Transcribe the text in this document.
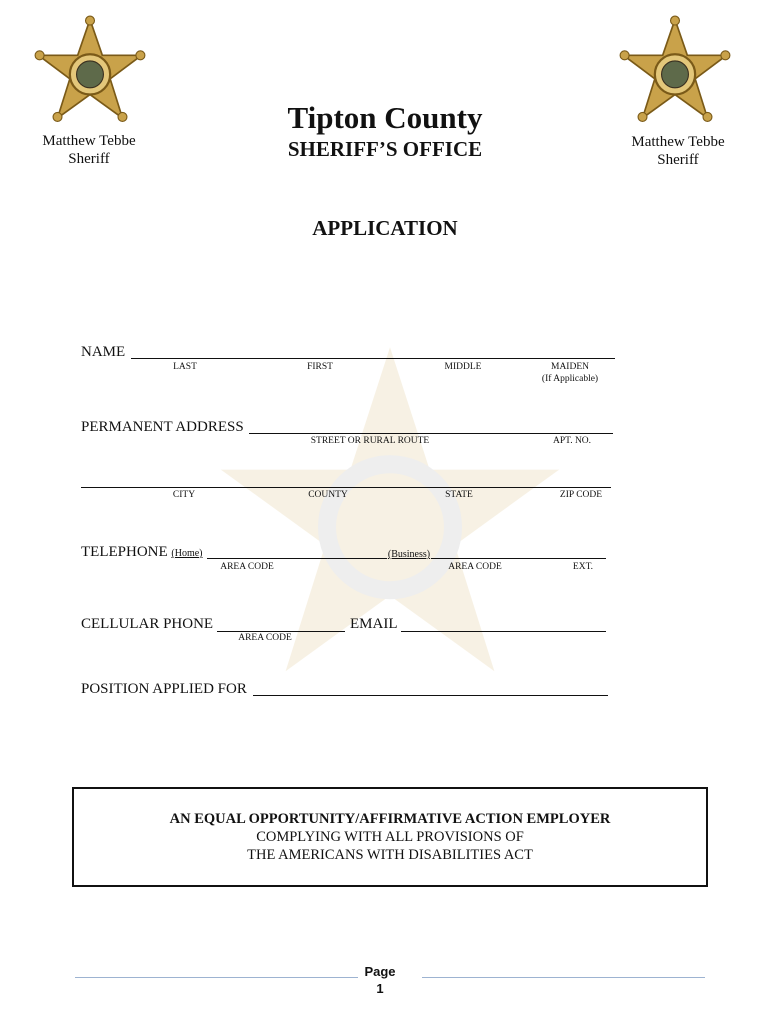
Matthew Tebbe
Sheriff
Matthew Tebbe
Sheriff
Tipton County
SHERIFF’S OFFICE
APPLICATION
NAME
LAST	FIRST	MIDDLE	MAIDEN
(If Applicable)
PERMANENT ADDRESS
STREET OR RURAL ROUTE	APT. NO.
CITY	COUNTY	STATE	ZIP CODE
TELEPHONE (Home)	(Business)
AREA CODE	AREA CODE	EXT.
CELLULAR PHONE
AREA CODE
EMAIL
POSITION APPLIED FOR
AN EQUAL OPPORTUNITY/AFFIRMATIVE ACTION EMPLOYER
COMPLYING WITH ALL PROVISIONS OF
THE AMERICANS WITH DISABILITIES ACT
Page
1
